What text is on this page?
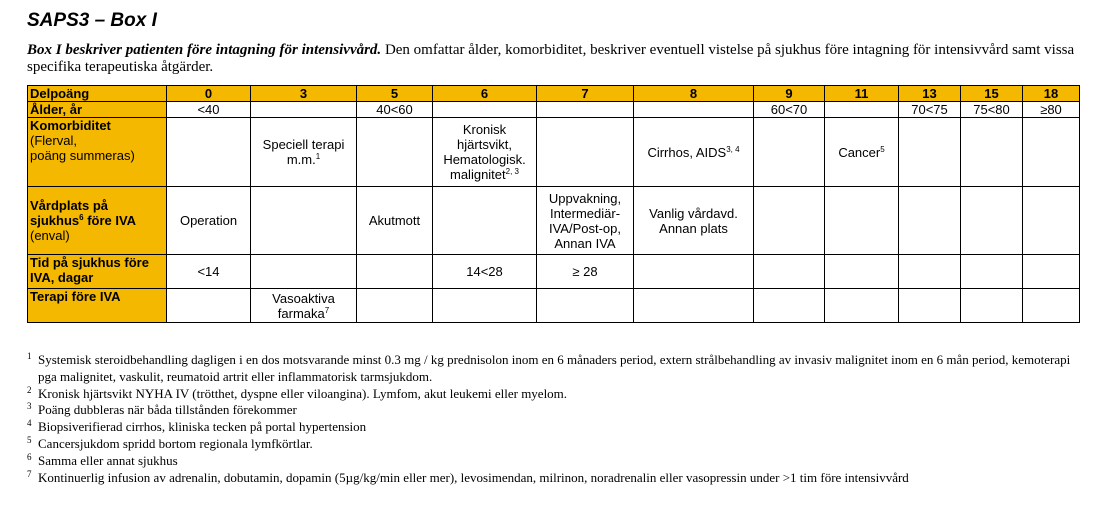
SAPS3 – Box I
Box I beskriver patienten före intagning för intensivvård. Den omfattar ålder, komorbiditet, beskriver eventuell vistelse på sjukhus före intagning för intensivvård samt vissa specifika terapeutiska åtgärder.
Delpoäng	0	3	5	6	7	8	9	11	13	15	18
Ålder, år	<40		40<60				60<70		70<75	75<80	≥80

Komorbiditet
(Flerval,
poäng summeras)		Speciell terapi m.m.$^1$		Kronisk hjärtsvikt, Hematologisk. malignitet$^{2, 3}$		Cirrhos, AIDS$^{3, 4}$		Cancer$^5$			

Vårdplats på sjukhus$^6$ före IVA
(enval)	Operation		Akutmott		Uppvakning, Intermediär-IVA/Post-op, Annan IVA	Vanlig vårdavd. Annan plats					
Tid på sjukhus före IVA, dagar	<14			14<28	≥ 28						
Terapi före IVA		Vasoaktiva farmaka$^7$									
1 Systemisk steroidbehandling dagligen i en dos motsvarande minst 0.3 mg / kg prednisolon inom en 6 månaders period, extern strålbehandling av invasiv malignitet inom en 6 mån period, kemoterapi pga malignitet, vaskulit, reumatoid artrit eller inflammatorisk tarmsjukdom.
2 Kronisk hjärtsvikt NYHA IV (trötthet, dyspne eller viloangina). Lymfom, akut leukemi eller myelom.
3 Poäng dubbleras när båda tillstånden förekommer
4 Biopsiverifierad cirrhos, kliniska tecken på portal hypertension
5 Cancersjukdom spridd bortom regionala lymfkörtlar.
6 Samma eller annat sjukhus
7 Kontinuerlig infusion av adrenalin, dobutamin, dopamin (5µg/kg/min eller mer), levosimendan, milrinon, noradrenalin eller vasopressin under >1 tim före intensivvård
